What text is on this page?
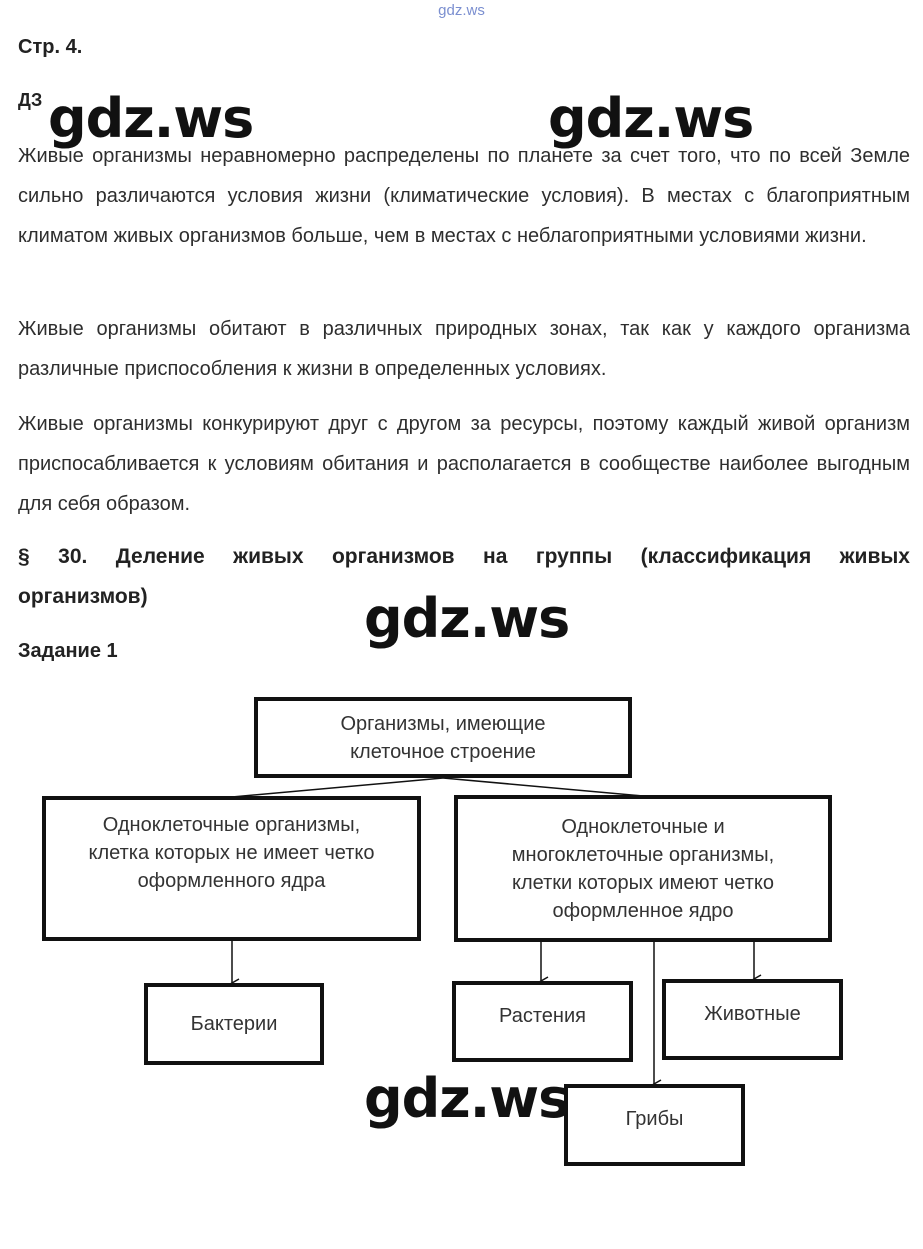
gdz.ws
Стр. 4.
ДЗ gdz.ws	gdz.ws
Живые организмы неравномерно распределены по планете за счет того, что по всей Земле сильно различаются условия жизни (климатические условия). В местах с благоприятным климатом живых организмов больше, чем в местах с неблагоприятными условиями жизни.
Живые организмы обитают в различных природных зонах, так как у каждого организма различные приспособления к жизни в определенных условиях.
Живые организмы конкурируют друг с другом за ресурсы, поэтому каждый живой организм приспосабливается к условиям обитания и располагается в сообществе наиболее выгодным для себя образом.
§ 30. Деление живых организмов на группы (классификация живых организмов)	gdz.ws
Задание 1
Организмы, имеющие
клеточное строение
Одноклеточные организмы,
клетка которых не имеет четко
оформленного ядра
Одноклеточные и
многоклеточные организмы,
клетки которых имеют четко
оформленное ядро
Бактерии	Растения	Животные
Грибы
gdz.ws
